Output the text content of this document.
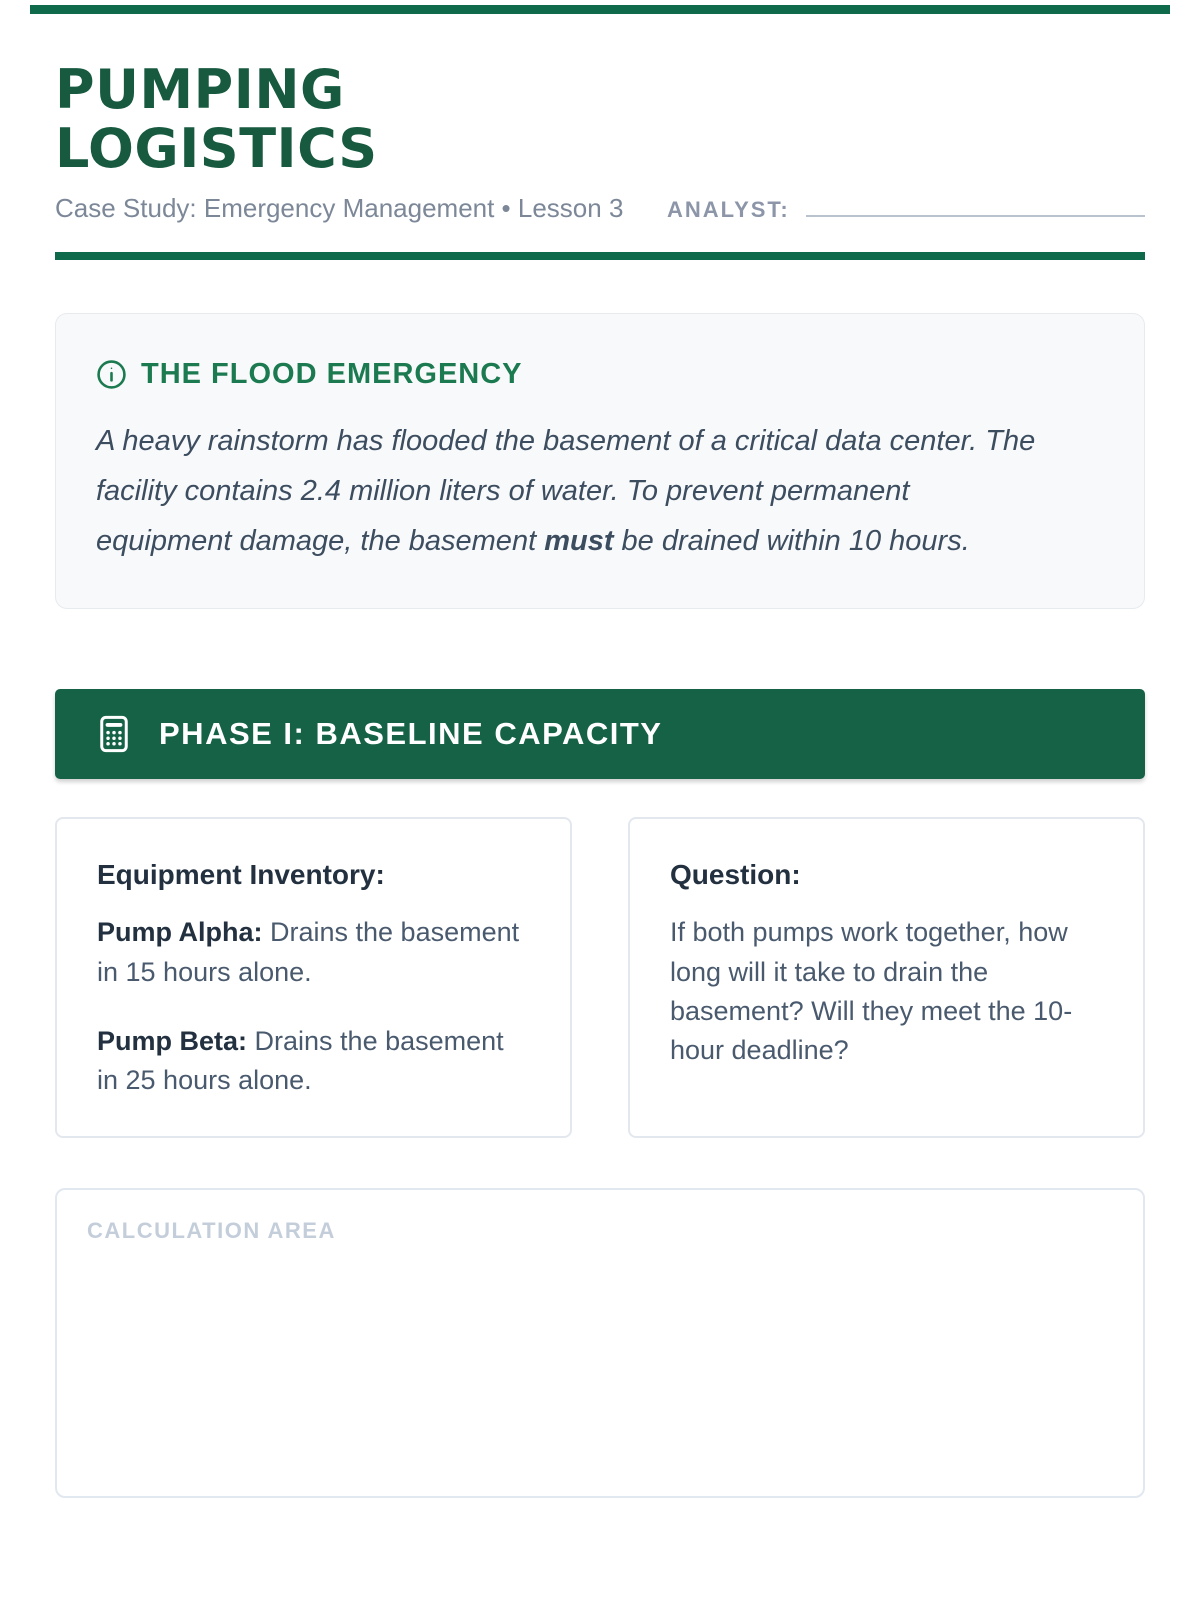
PUMPING
LOGISTICS
Case Study: Emergency Management • Lesson 3 ANALYST:
THE FLOOD EMERGENCY

A heavy rainstorm has flooded the basement of a critical data center. The facility contains 2.4 million liters of water. To prevent permanent equipment damage, the basement must be drained within 10 hours.

PHASE I: BASELINE CAPACITY
Equipment Inventory:

Pump Alpha: Drains the basement in 15 hours alone.

Pump Beta: Drains the basement in 25 hours alone.

Question:

If both pumps work together, how long will it take to drain the basement? Will they meet the 10-hour deadline?

CALCULATION AREA
